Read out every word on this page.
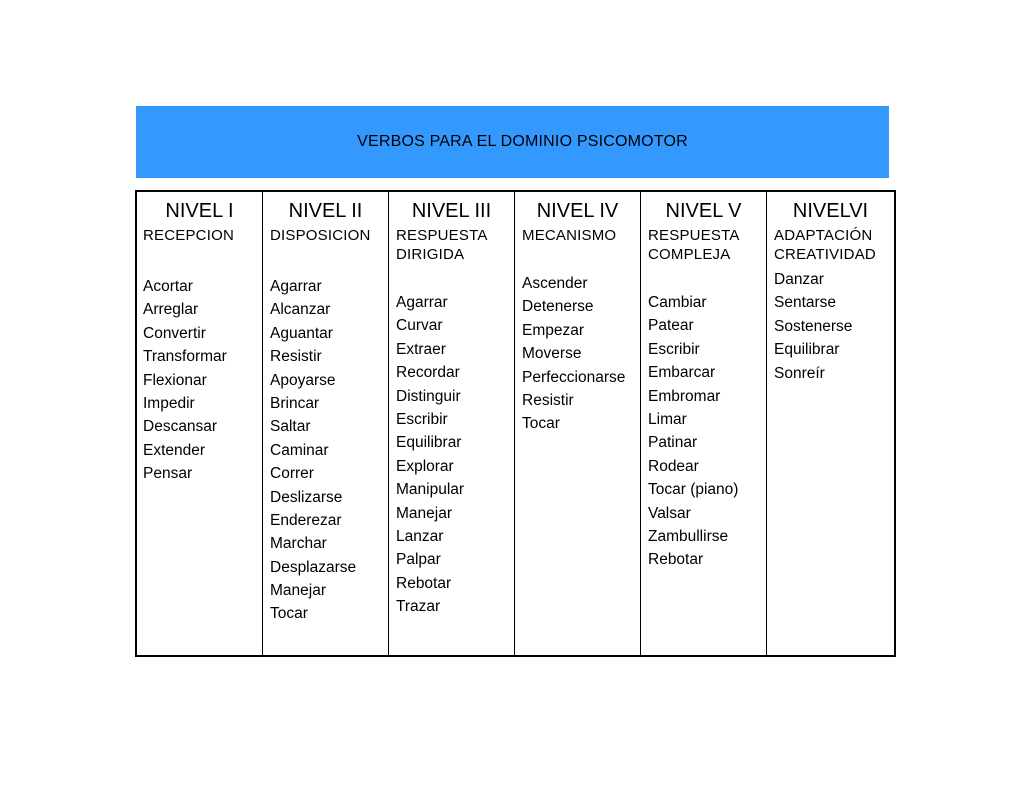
VERBOS PARA EL DOMINIO PSICOMOTOR
NIVEL I
RECEPCION
Acortar
Arreglar
Convertir
Transformar
Flexionar
Impedir
Descansar
Extender
Pensar
NIVEL II
DISPOSICION
Agarrar
Alcanzar
Aguantar
Resistir
Apoyarse
Brincar
Saltar
Caminar
Correr
Deslizarse
Enderezar
Marchar
Desplazarse
Manejar
Tocar
NIVEL III
RESPUESTA
DIRIGIDA
Agarrar
Curvar
Extraer
Recordar
Distinguir
Escribir
Equilibrar
Explorar
Manipular
Manejar
Lanzar
Palpar
Rebotar
Trazar
NIVEL IV
MECANISMO
Ascender
Detenerse
Empezar
Moverse
Perfeccionarse
Resistir
Tocar
NIVEL V
RESPUESTA
COMPLEJA
Cambiar
Patear
Escribir
Embarcar
Embromar
Limar
Patinar
Rodear
Tocar (piano)
Valsar
Zambullirse
Rebotar
NIVELVI
ADAPTACIÓN
CREATIVIDAD
Danzar
Sentarse
Sostenerse
Equilibrar
Sonreír
